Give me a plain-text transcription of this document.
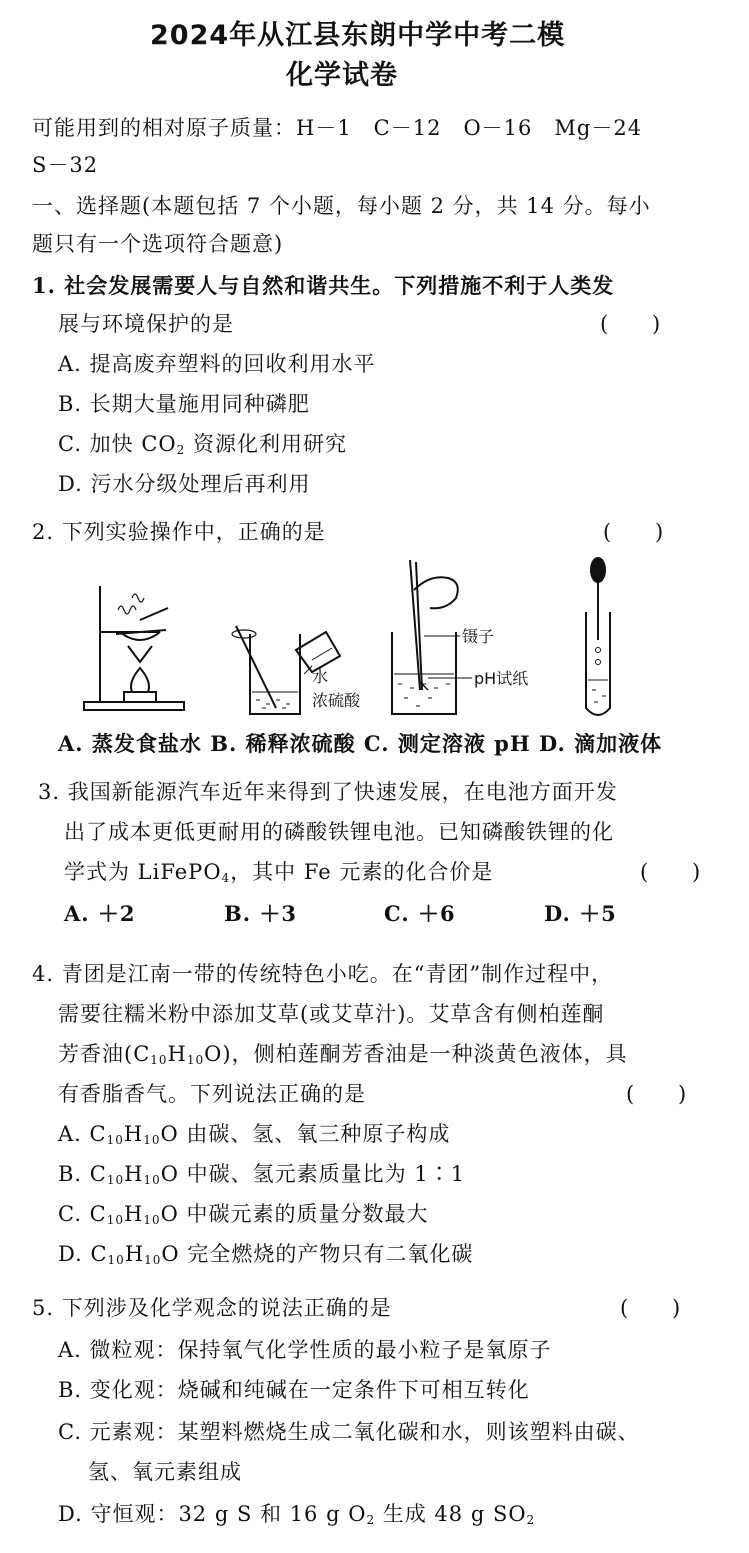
2024年从江县东朗中学中考二模
化学试卷
可能用到的相对原子质量：H－1　C－12　O－16　Mg－24
S－32
一、选择题(本题包括 7 个小题，每小题 2 分，共 14 分。每小
题只有一个选项符合题意)
1. 社会发展需要人与自然和谐共生。下列措施不利于人类发
展与环境保护的是	( )
A. 提高废弃塑料的回收利用水平
B. 长期大量施用同种磷肥
C. 加快 $CO_2$ 资源化利用研究
D. 污水分级处理后再利用
2. 下列实验操作中，正确的是	( )
水
浓硫酸
镊子
pH试纸
A. 蒸发食盐水 B. 稀释浓硫酸 C. 测定溶液 pH D. 滴加液体
3. 我国新能源汽车近年来得到了快速发展，在电池方面开发
出了成本更低更耐用的磷酸铁锂电池。已知磷酸铁锂的化
学式为 LiFePO$_4$，其中 Fe 元素的化合价是	( )
A. ＋2	B. ＋3	C. ＋6	D. ＋5
4. 青团是江南一带的传统特色小吃。在“青团”制作过程中，
需要往糯米粉中添加艾草(或艾草汁)。艾草含有侧柏莲酮
芳香油$(C_{10}H_{10}O)$，侧柏莲酮芳香油是一种淡黄色液体，具
有香脂香气。下列说法正确的是	( )
A. $C_{10}H_{10}O$ 由碳、氢、氧三种原子构成
B. $C_{10}H_{10}O$ 中碳、氢元素质量比为 1∶1
C. $C_{10}H_{10}O$ 中碳元素的质量分数最大
D. $C_{10}H_{10}O$ 完全燃烧的产物只有二氧化碳
5. 下列涉及化学观念的说法正确的是	( )
A. 微粒观：保持氧气化学性质的最小粒子是氧原子
B. 变化观：烧碱和纯碱在一定条件下可相互转化
C. 元素观：某塑料燃烧生成二氧化碳和水，则该塑料由碳、
氢、氧元素组成
D. 守恒观：32 g S 和 16 g $O_2$ 生成 48 g $SO_2$
